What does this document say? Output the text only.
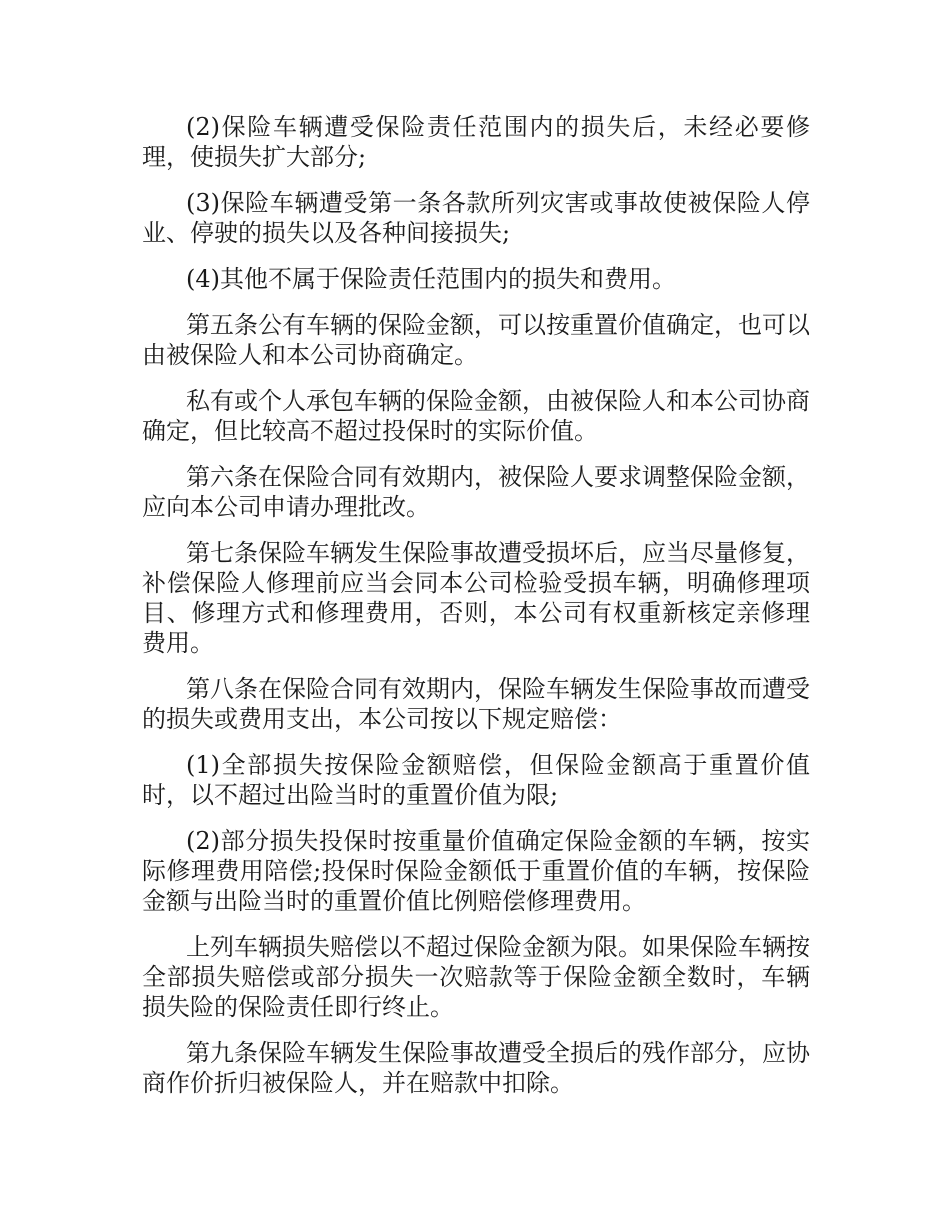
(2)保险车辆遭受保险责任范围内的损失后，未经必要修理，使损失扩大部分;

(3)保险车辆遭受第一条各款所列灾害或事故使被保险人停业、停驶的损失以及各种间接损失;

(4)其他不属于保险责任范围内的损失和费用。

第五条公有车辆的保险金额，可以按重置价值确定，也可以由被保险人和本公司协商确定。

私有或个人承包车辆的保险金额，由被保险人和本公司协商确定，但比较高不超过投保时的实际价值。

第六条在保险合同有效期内，被保险人要求调整保险金额，应向本公司申请办理批改。

第七条保险车辆发生保险事故遭受损坏后，应当尽量修复，补偿保险人修理前应当会同本公司检验受损车辆，明确修理项目、修理方式和修理费用，否则，本公司有权重新核定亲修理费用。

第八条在保险合同有效期内，保险车辆发生保险事故而遭受的损失或费用支出，本公司按以下规定赔偿：

(1)全部损失按保险金额赔偿，但保险金额高于重置价值时，以不超过出险当时的重置价值为限;

(2)部分损失投保时按重量价值确定保险金额的车辆，按实际修理费用陪偿;投保时保险金额低于重置价值的车辆，按保险金额与出险当时的重置价值比例赔偿修理费用。

上列车辆损失赔偿以不超过保险金额为限。如果保险车辆按全部损失赔偿或部分损失一次赔款等于保险金额全数时，车辆损失险的保险责任即行终止。

第九条保险车辆发生保险事故遭受全损后的残作部分，应协商作价折归被保险人，并在赔款中扣除。
